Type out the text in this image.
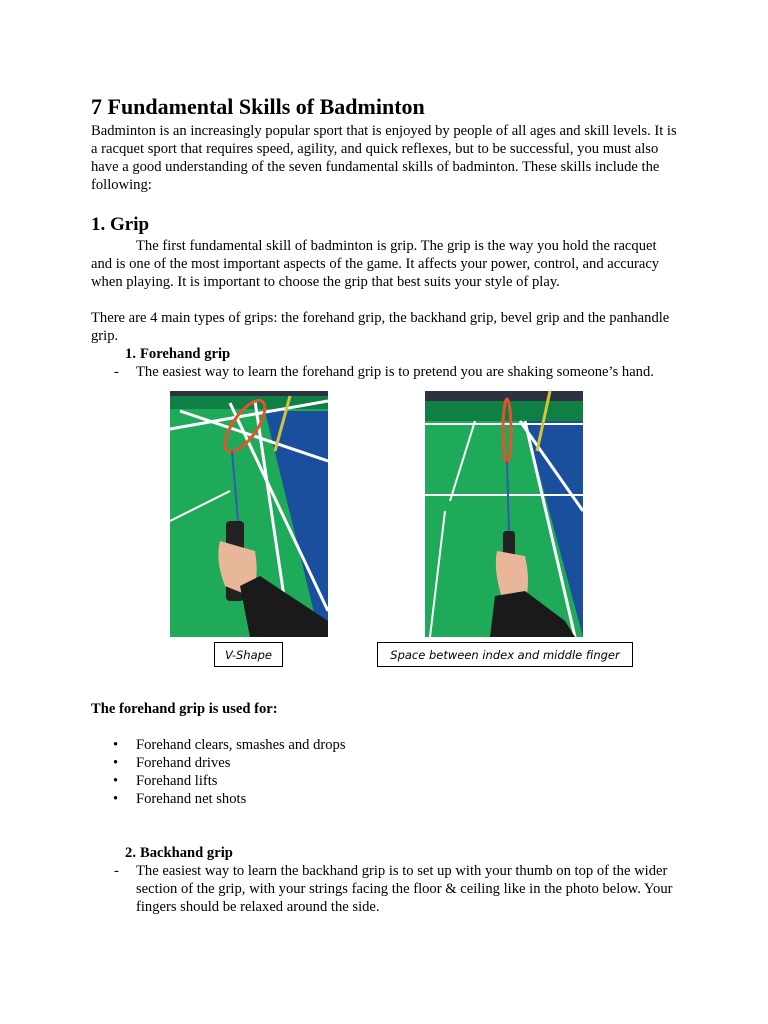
7 Fundamental Skills of Badminton

Badminton is an increasingly popular sport that is enjoyed by people of all ages and skill levels. It is a racquet sport that requires speed, agility, and quick reflexes, but to be successful, you must also have a good understanding of the seven fundamental skills of badminton. These skills include the following:

1. Grip

The first fundamental skill of badminton is grip. The grip is the way you hold the racquet and is one of the most important aspects of the game. It affects your power, control, and accuracy when playing. It is important to choose the grip that best suits your style of play.

There are 4 main types of grips: the forehand grip, the backhand grip, bevel grip and the panhandle grip.

1. Forehand grip
-	The easiest way to learn the forehand grip is to pretend you are shaking someone’s hand.
V-Shape	Space between index and middle finger

The forehand grip is used for:

•	Forehand clears, smashes and drops
•	Forehand drives
•	Forehand lifts
•	Forehand net shots
2. Backhand grip
-	The easiest way to learn the backhand grip is to set up with your thumb on top of the wider section of the grip, with your strings facing the floor & ceiling like in the photo below. Your fingers should be relaxed around the side.
